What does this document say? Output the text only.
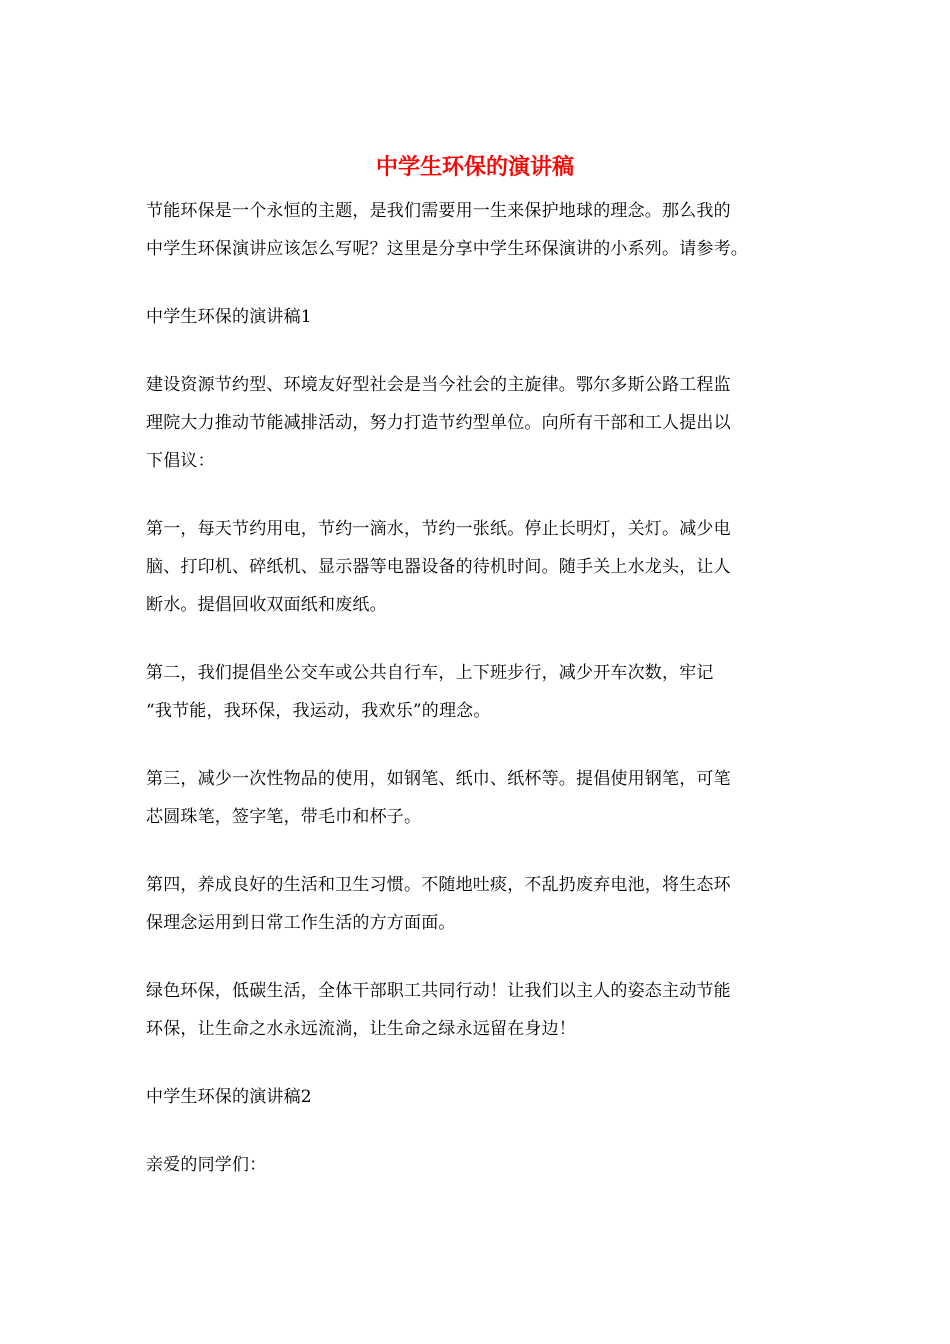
中学生环保的演讲稿
节能环保是一个永恒的主题，是我们需要用一生来保护地球的理念。那么我的
中学生环保演讲应该怎么写呢？这里是分享中学生环保演讲的小系列。请参考。
中学生环保的演讲稿1
建设资源节约型、环境友好型社会是当今社会的主旋律。鄂尔多斯公路工程监
理院大力推动节能减排活动，努力打造节约型单位。向所有干部和工人提出以
下倡议：
第一，每天节约用电，节约一滴水，节约一张纸。停止长明灯，关灯。减少电
脑、打印机、碎纸机、显示器等电器设备的待机时间。随手关上水龙头，让人
断水。提倡回收双面纸和废纸。
第二，我们提倡坐公交车或公共自行车，上下班步行，减少开车次数，牢记
“我节能，我环保，我运动，我欢乐”的理念。
第三，减少一次性物品的使用，如钢笔、纸巾、纸杯等。提倡使用钢笔，可笔
芯圆珠笔，签字笔，带毛巾和杯子。
第四，养成良好的生活和卫生习惯。不随地吐痰，不乱扔废弃电池，将生态环
保理念运用到日常工作生活的方方面面。
绿色环保，低碳生活，全体干部职工共同行动！让我们以主人的姿态主动节能
环保，让生命之水永远流淌，让生命之绿永远留在身边！
中学生环保的演讲稿2
亲爱的同学们：
